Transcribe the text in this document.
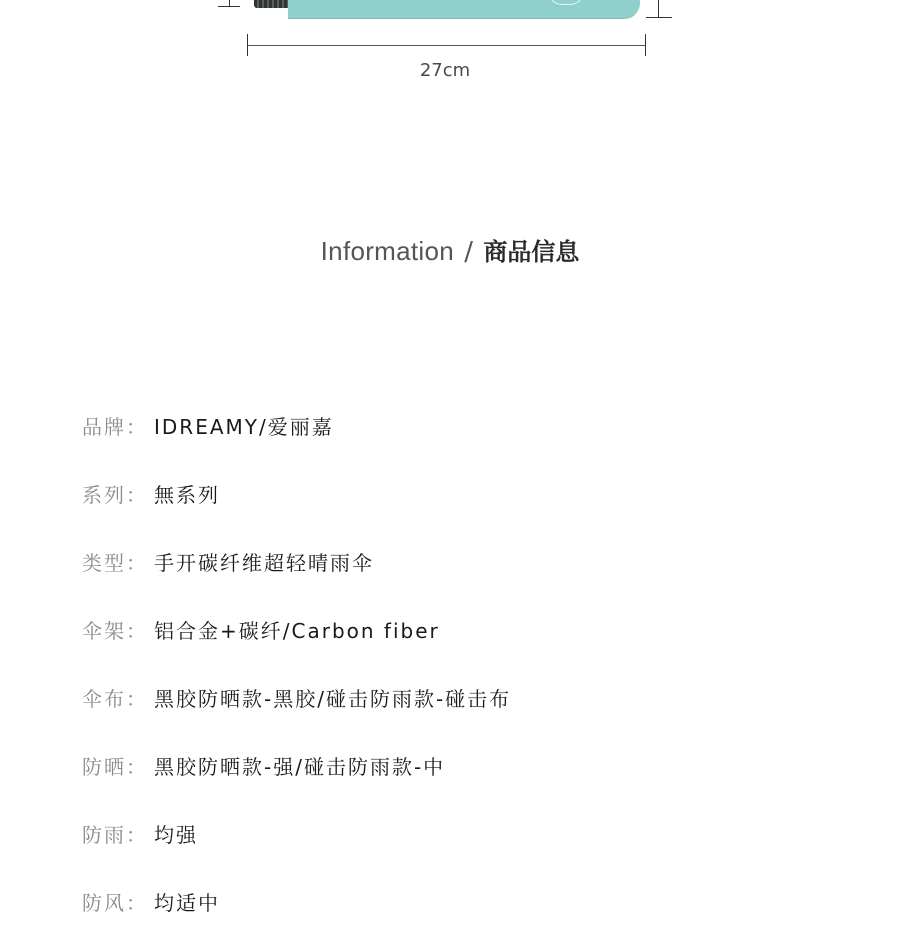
27cm
Information / 商品信息
品牌： IDREAMY/爱丽嘉
系列： 無系列
类型： 手开碳纤维超轻晴雨伞
伞架： 铝合金+碳纤/Carbon fiber
伞布： 黑胶防晒款-黑胶/碰击防雨款-碰击布
防晒： 黑胶防晒款-强/碰击防雨款-中
防雨： 均强
防风： 均适中
